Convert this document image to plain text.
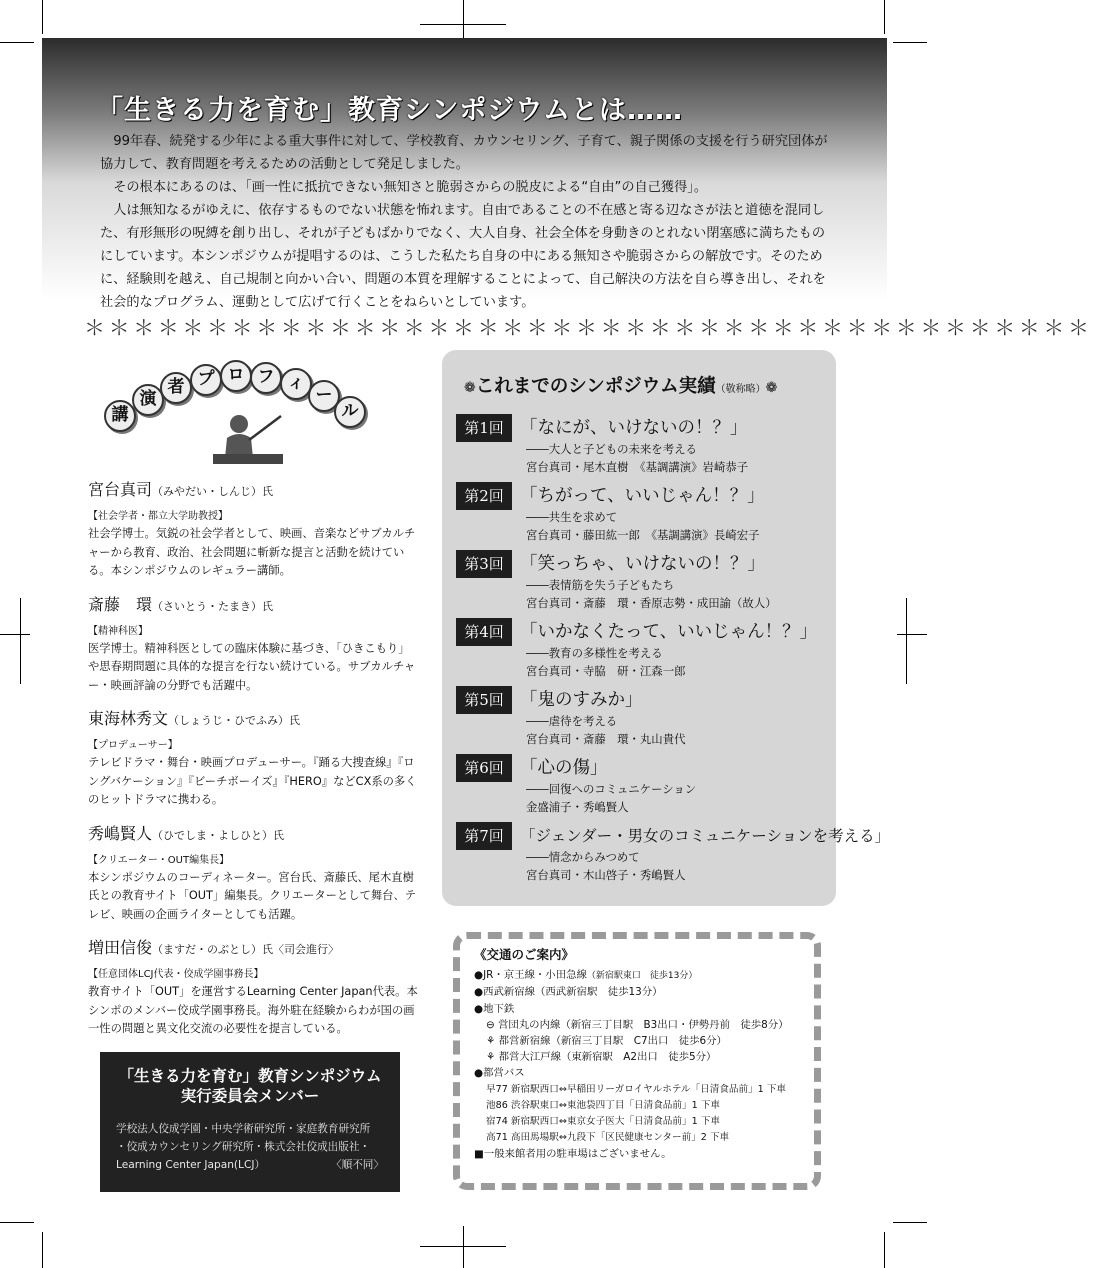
「生きる力を育む」教育シンポジウムとは……

99年春、続発する少年による重大事件に対して、学校教育、カウンセリング、子育て、親子関係の支援を行う研究団体が協力して、教育問題を考えるための活動として発足しました。

その根本にあるのは、「画一性に抵抗できない無知さと脆弱さからの脱皮による“自由”の自己獲得」。

人は無知なるがゆえに、依存するものでない状態を怖れます。自由であることの不在感と寄る辺なさが法と道徳を混同した、有形無形の呪縛を創り出し、それが子どもばかりでなく、大人自身、社会全体を身動きのとれない閉塞感に満ちたものにしています。本シンポジウムが提唱するのは、こうした私たち自身の中にある無知さや脆弱さからの解放です。そのために、経験則を越え、自己規制と向かい合い、問題の本質を理解することによって、自己解決の方法を自ら導き出し、それを社会的なプログラム、運動として広げて行くことをねらいとしています。

＊＊＊＊＊＊＊＊＊＊＊＊＊＊＊＊＊＊＊＊＊＊＊＊＊＊＊＊＊＊＊＊＊＊＊＊＊＊＊＊＊
講
演
者 プ ロ フ ィ
ー
ル
宮台真司（みやだい・しんじ）氏
【社会学者・都立大学助教授】
社会学博士。気鋭の社会学者として、映画、音楽などサブカルチャーから教育、政治、社会問題に斬新な提言と活動を続けている。本シンポジウムのレギュラー講師。
斎藤　環（さいとう・たまき）氏
【精神科医】
医学博士。精神科医としての臨床体験に基づき、「ひきこもり」や思春期問題に具体的な提言を行ない続けている。サブカルチャー・映画評論の分野でも活躍中。
東海林秀文（しょうじ・ひでふみ）氏
【プロデューサー】
テレビドラマ・舞台・映画プロデューサー。『踊る大捜査線』『ロングバケーション』『ビーチボーイズ』『HERO』などCX系の多くのヒットドラマに携わる。
秀嶋賢人（ひでしま・よしひと）氏
【クリエーター・OUT編集長】
本シンポジウムのコーディネーター。宮台氏、斎藤氏、尾木直樹氏との教育サイト「OUT」編集長。クリエーターとして舞台、テレビ、映画の企画ライターとしても活躍。
増田信俊（ますだ・のぶとし）氏〈司会進行〉
【任意団体LCJ代表・佼成学園事務長】
教育サイト「OUT」を運営するLearning Center Japan代表。本シンポのメンバー佼成学園事務長。海外駐在経験からわが国の画一性の問題と異文化交流の必要性を提言している。
「生きる力を育む」教育シンポジウム
実行委員会メンバー
学校法人佼成学園・中央学術研究所・家庭教育研究所
・佼成カウンセリング研究所・株式会社佼成出版社・
Learning Center Japan(LCJ）	〈順不同〉
❁これまでのシンポジウム実績（敬称略）❁
第1回 「なにが、いけないの！？」
――大人と子どもの未来を考える
宮台真司・尾木直樹　《基調講演》岩崎恭子
第2回 「ちがって、いいじゃん！？」
――共生を求めて
宮台真司・藤田紘一郎　《基調講演》長崎宏子
第3回 「笑っちゃ、いけないの！？」
――表情筋を失う子どもたち
宮台真司・斎藤　環・香原志勢・成田諭（故人）
第4回 「いかなくたって、いいじゃん！？」
――教育の多様性を考える
宮台真司・寺脇　研・江森一郎
第5回 「鬼のすみか」
――虐待を考える
宮台真司・斎藤　環・丸山貴代
第6回 「心の傷」
――回復へのコミュニケーション
金盛浦子・秀嶋賢人
第7回	「ジェンダー・男女のコミュニケーションを考える」
――情念からみつめて
宮台真司・木山啓子・秀嶋賢人
《交通のご案内》
●JR・京王線・小田急線（新宿駅東口　徒歩13分）
●西武新宿線（西武新宿駅　徒歩13分）
●地下鉄
⊖ 営団丸の内線（新宿三丁目駅　B3出口・伊勢丹前　徒歩8分）
⚘ 都営新宿線（新宿三丁目駅　C7出口　徒歩6分）
⚘ 都営大江戸線（東新宿駅　A2出口　徒歩5分）
●都営バス
早77 新宿駅西口⇔早稲田リーガロイヤルホテル「日清食品前」1 下車
池86 渋谷駅東口⇔東池袋四丁目「日清食品前」1 下車
宿74 新宿駅西口⇔東京女子医大「日清食品前」1 下車
高71 高田馬場駅⇔九段下「区民健康センター前」2 下車
■一般来館者用の駐車場はございません。
